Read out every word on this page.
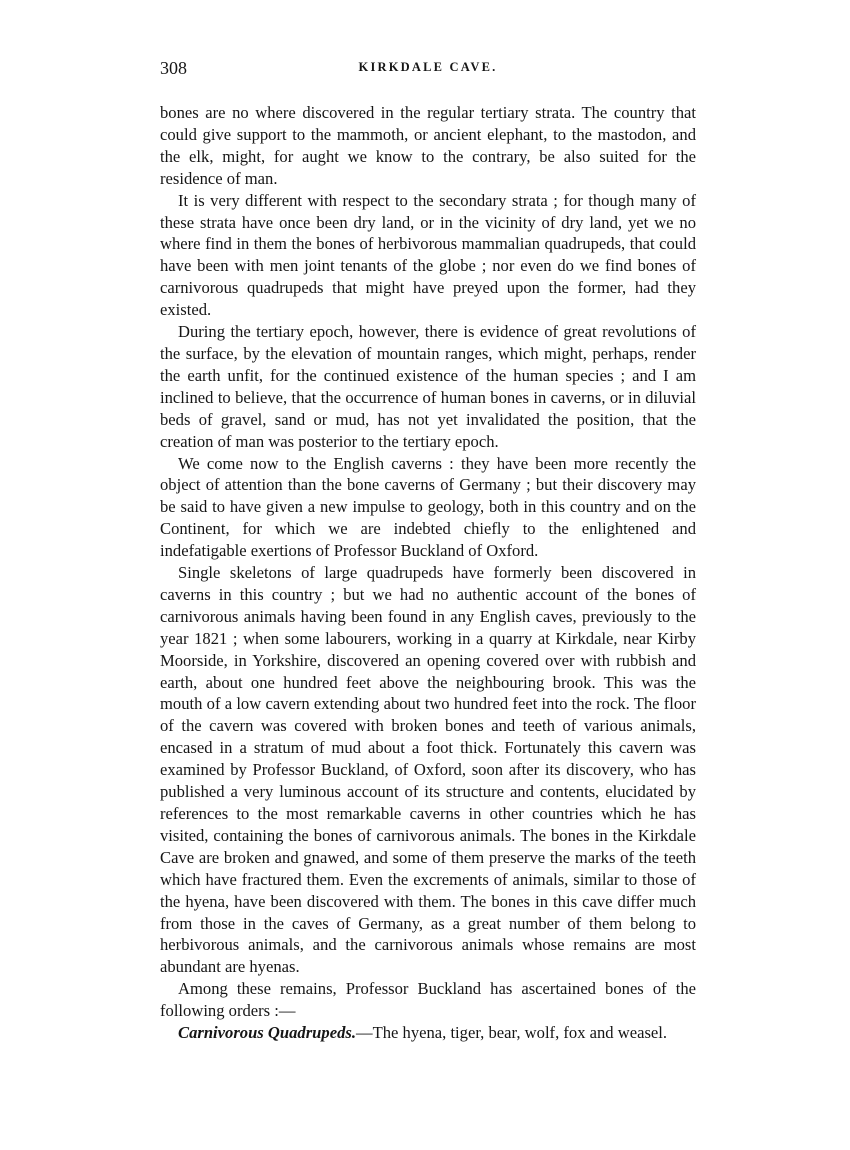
308	KIRKDALE CAVE.

bones are no where discovered in the regular tertiary strata. The country that could give support to the mammoth, or ancient elephant, to the mastodon, and the elk, might, for aught we know to the contrary, be also suited for the residence of man.

It is very different with respect to the secondary strata ; for though many of these strata have once been dry land, or in the vicinity of dry land, yet we no where find in them the bones of herbivorous mammalian quadrupeds, that could have been with men joint tenants of the globe ; nor even do we find bones of carnivorous quadrupeds that might have preyed upon the former, had they existed.

During the tertiary epoch, however, there is evidence of great revolutions of the surface, by the elevation of mountain ranges, which might, perhaps, render the earth unfit, for the continued existence of the human species ; and I am inclined to believe, that the occurrence of human bones in caverns, or in diluvial beds of gravel, sand or mud, has not yet invalidated the position, that the creation of man was posterior to the tertiary epoch.

We come now to the English caverns : they have been more recently the object of attention than the bone caverns of Germany ; but their discovery may be said to have given a new impulse to geology, both in this country and on the Continent, for which we are indebted chiefly to the enlightened and indefatigable exertions of Professor Buckland of Oxford.

Single skeletons of large quadrupeds have formerly been discovered in caverns in this country ; but we had no authentic account of the bones of carnivorous animals having been found in any English caves, previously to the year 1821 ; when some labourers, working in a quarry at Kirkdale, near Kirby Moorside, in Yorkshire, discovered an opening covered over with rubbish and earth, about one hundred feet above the neighbouring brook. This was the mouth of a low cavern extending about two hundred feet into the rock. The floor of the cavern was covered with broken bones and teeth of various animals, encased in a stratum of mud about a foot thick. Fortunately this cavern was examined by Professor Buckland, of Oxford, soon after its discovery, who has published a very luminous account of its structure and contents, elucidated by references to the most remarkable caverns in other countries which he has visited, containing the bones of carnivorous animals. The bones in the Kirkdale Cave are broken and gnawed, and some of them preserve the marks of the teeth which have fractured them. Even the excrements of animals, similar to those of the hyena, have been discovered with them. The bones in this cave differ much from those in the caves of Germany, as a great number of them belong to herbivorous animals, and the carnivorous animals whose remains are most abundant are hyenas.

Among these remains, Professor Buckland has ascertained bones of the following orders :—

Carnivorous Quadrupeds.—The hyena, tiger, bear, wolf, fox and weasel.
